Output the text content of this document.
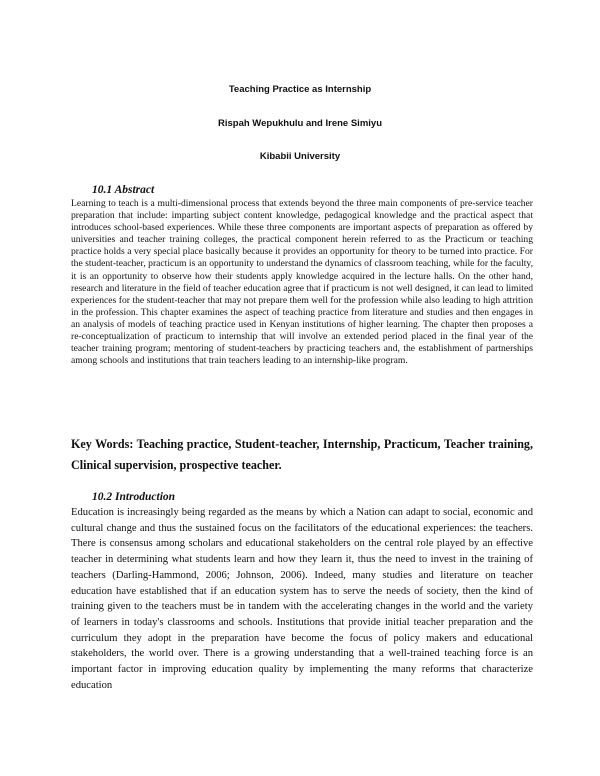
Teaching Practice as Internship
Rispah Wepukhulu and Irene Simiyu
Kibabii University
10.1 Abstract

Learning to teach is a multi-dimensional process that extends beyond the three main components of pre-service teacher preparation that include: imparting subject content knowledge, pedagogical knowledge and the practical aspect that introduces school-based experiences. While these three components are important aspects of preparation as offered by universities and teacher training colleges, the practical component herein referred to as the Practicum or teaching practice holds a very special place basically because it provides an opportunity for theory to be turned into practice. For the student-teacher, practicum is an opportunity to understand the dynamics of classroom teaching, while for the faculty, it is an opportunity to observe how their students apply knowledge acquired in the lecture halls. On the other hand, research and literature in the field of teacher education agree that if practicum is not well designed, it can lead to limited experiences for the student-teacher that may not prepare them well for the profession while also leading to high attrition in the profession. This chapter examines the aspect of teaching practice from literature and studies and then engages in an analysis of models of teaching practice used in Kenyan institutions of higher learning. The chapter then proposes a re-conceptualization of practicum to internship that will involve an extended period placed in the final year of the teacher training program; mentoring of student-teachers by practicing teachers and, the establishment of partnerships among schools and institutions that train teachers leading to an internship-like program.

Key Words: Teaching practice, Student-teacher, Internship, Practicum, Teacher training, Clinical supervision, prospective teacher.

10.2 Introduction

Education is increasingly being regarded as the means by which a Nation can adapt to social, economic and cultural change and thus the sustained focus on the facilitators of the educational experiences: the teachers. There is consensus among scholars and educational stakeholders on the central role played by an effective teacher in determining what students learn and how they learn it, thus the need to invest in the training of teachers (Darling-Hammond, 2006; Johnson, 2006). Indeed, many studies and literature on teacher education have established that if an education system has to serve the needs of society, then the kind of training given to the teachers must be in tandem with the accelerating changes in the world and the variety of learners in today's classrooms and schools. Institutions that provide initial teacher preparation and the curriculum they adopt in the preparation have become the focus of policy makers and educational stakeholders, the world over. There is a growing understanding that a well-trained teaching force is an important factor in improving education quality by implementing the many reforms that characterize education
